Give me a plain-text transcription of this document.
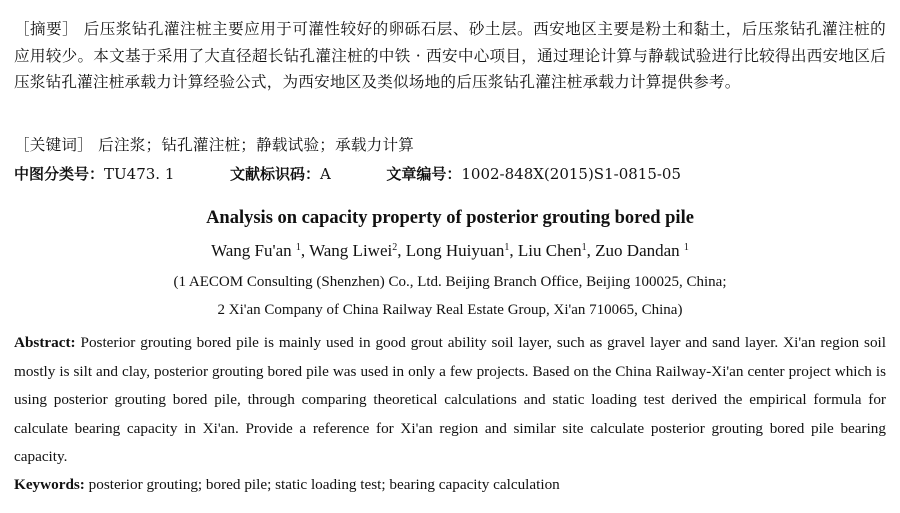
［摘要］ 后压浆钻孔灌注桩主要应用于可灌性较好的卵砾石层、砂土层。西安地区主要是粉土和黏土，后压浆钻孔灌注桩的应用较少。本文基于采用了大直径超长钻孔灌注桩的中铁 · 西安中心项目，通过理论计算与静载试验进行比较得出西安地区后压浆钻孔灌注桩承载力计算经验公式，为西安地区及类似场地的后压浆钻孔灌注桩承载力计算提供参考。
［关键词］ 后注浆；钻孔灌注桩；静载试验；承载力计算
中图分类号：TU473. 1	文献标识码：A	文章编号：1002-848X(2015)S1-0815-05
Analysis on capacity property of posterior grouting bored pile
Wang Fu'an $^1$, Wang Liwei$^2$, Long Huiyuan$^1$, Liu Chen$^1$, Zuo Dandan $^1$
(1 AECOM Consulting (Shenzhen) Co., Ltd. Beijing Branch Office, Beijing 100025, China;
2 Xi'an Company of China Railway Real Estate Group, Xi'an 710065, China)
Abstract: Posterior grouting bored pile is mainly used in good grout ability soil layer, such as gravel layer and sand layer. Xi'an region soil mostly is silt and clay, posterior grouting bored pile was used in only a few projects. Based on the China Railway-Xi'an center project which is using posterior grouting bored pile, through comparing theoretical calculations and static loading test derived the empirical formula for calculate bearing capacity in Xi'an. Provide a reference for Xi'an region and similar site calculate posterior grouting bored pile bearing capacity.
Keywords: posterior grouting; bored pile; static loading test; bearing capacity calculation
